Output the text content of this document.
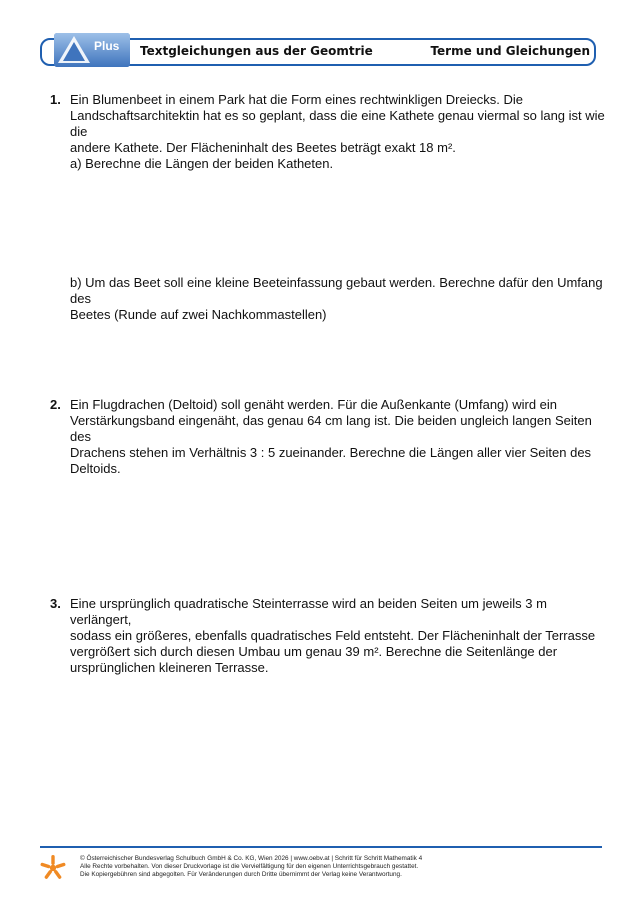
Plus Textgleichungen aus der Geomtrie	Terme und Gleichungen
1. Ein Blumenbeet in einem Park hat die Form eines rechtwinkligen Dreiecks. Die

Landschaftsarchitektin hat es so geplant, dass die eine Kathete genau viermal so lang ist wie die

andere Kathete. Der Flächeninhalt des Beetes beträgt exakt 18 m².

a) Berechne die Längen der beiden Katheten.

b) Um das Beet soll eine kleine Beeteinfassung gebaut werden. Berechne dafür den Umfang des

Beetes (Runde auf zwei Nachkommastellen)

2. Ein Flugdrachen (Deltoid) soll genäht werden. Für die Außenkante (Umfang) wird ein

Verstärkungsband eingenäht, das genau 64 cm lang ist. Die beiden ungleich langen Seiten des

Drachens stehen im Verhältnis 3 : 5 zueinander. Berechne die Längen aller vier Seiten des

Deltoids.

3. Eine ursprünglich quadratische Steinterrasse wird an beiden Seiten um jeweils 3 m verlängert,

sodass ein größeres, ebenfalls quadratisches Feld entsteht. Der Flächeninhalt der Terrasse

vergrößert sich durch diesen Umbau um genau 39 m². Berechne die Seitenlänge der

ursprünglichen kleineren Terrasse.

© Österreichischer Bundesverlag Schulbuch GmbH & Co. KG, Wien 2026 | www.oebv.at | Schritt für Schritt Mathematik 4
Alle Rechte vorbehalten. Von dieser Druckvorlage ist die Vervielfältigung für den eigenen Unterrichtsgebrauch gestattet.
Die Kopiergebühren sind abgegolten. Für Veränderungen durch Dritte übernimmt der Verlag keine Verantwortung.
